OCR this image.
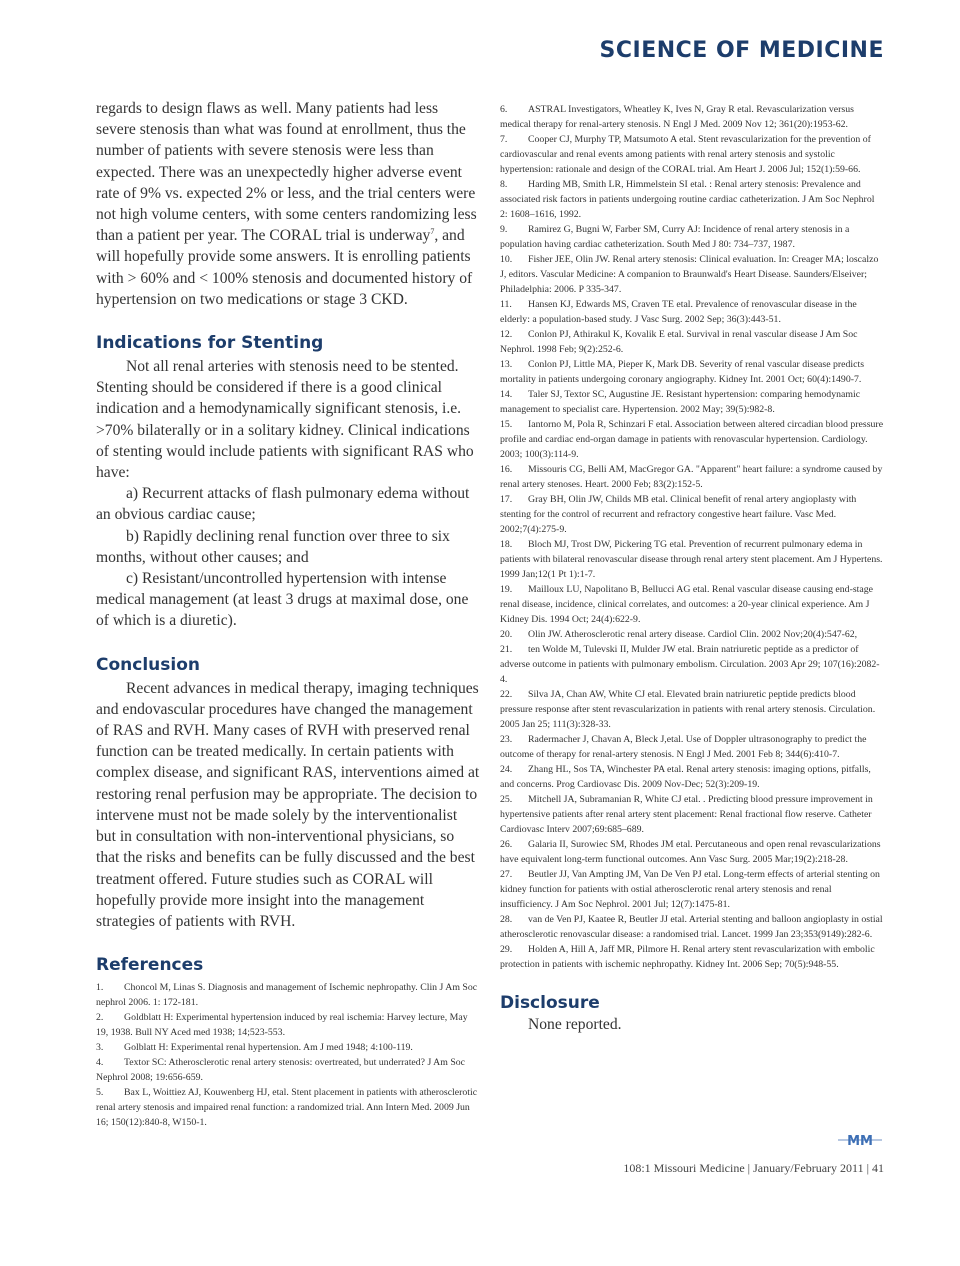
SCIENCE OF MEDICINE

regards to design flaws as well. Many patients had less severe stenosis than what was found at enrollment, thus the number of patients with severe stenosis were less than expected. There was an unexpectedly higher adverse event rate of 9% vs. expected 2% or less, and the trial centers were not high volume centers, with some centers randomizing less than a patient per year. The CORAL trial is underway$^7$, and will hopefully provide some answers. It is enrolling patients with > 60% and < 100% stenosis and documented history of hypertension on two medications or stage 3 CKD.

Indications for Stenting

Not all renal arteries with stenosis need to be stented. Stenting should be considered if there is a good clinical indication and a hemodynamically significant stenosis, i.e. >70% bilaterally or in a solitary kidney. Clinical indications of stenting would include patients with significant RAS who have:

a) Recurrent attacks of flash pulmonary edema without an obvious cardiac cause;

b) Rapidly declining renal function over three to six months, without other causes; and

c) Resistant/uncontrolled hypertension with intense medical management (at least 3 drugs at maximal dose, one of which is a diuretic).

Conclusion

Recent advances in medical therapy, imaging techniques and endovascular procedures have changed the management of RAS and RVH. Many cases of RVH with preserved renal function can be treated medically. In certain patients with complex disease, and significant RAS, interventions aimed at restoring renal perfusion may be appropriate. The decision to intervene must not be made solely by the interventionalist but in consultation with non-interventional physicians, so that the risks and benefits can be fully discussed and the best treatment offered. Future studies such as CORAL will hopefully provide more insight into the management strategies of patients with RVH.

References
1. Choncol M, Linas S. Diagnosis and management of Ischemic nephropathy. Clin J Am Soc nephrol 2006. 1: 172-181.
2. Goldblatt H: Experimental hypertension induced by real ischemia: Harvey lecture, May 19, 1938. Bull NY Aced med 1938; 14;523-553.
3. Golblatt H: Experimental renal hypertension. Am J med 1948; 4:100-119.
4. Textor SC: Atherosclerotic renal artery stenosis: overtreated, but underrated? J Am Soc Nephrol 2008; 19:656-659.
5. Bax L, Woittiez AJ, Kouwenberg HJ, etal. Stent placement in patients with atherosclerotic renal artery stenosis and impaired renal function: a randomized trial. Ann Intern Med. 2009 Jun 16; 150(12):840-8, W150-1.
6. ASTRAL Investigators, Wheatley K, Ives N, Gray R etal. Revascularization versus medical therapy for renal-artery stenosis. N Engl J Med. 2009 Nov 12; 361(20):1953-62.
7. Cooper CJ, Murphy TP, Matsumoto A etal. Stent revascularization for the prevention of cardiovascular and renal events among patients with renal artery stenosis and systolic hypertension: rationale and design of the CORAL trial. Am Heart J. 2006 Jul; 152(1):59-66.
8. Harding MB, Smith LR, Himmelstein SI etal. : Renal artery stenosis: Prevalence and associated risk factors in patients undergoing routine cardiac catheterization. J Am Soc Nephrol 2: 1608–1616, 1992.
9. Ramirez G, Bugni W, Farber SM, Curry AJ: Incidence of renal artery stenosis in a population having cardiac catheterization. South Med J 80: 734–737, 1987.
10. Fisher JEE, Olin JW. Renal artery stenosis: Clinical evaluation. In: Creager MA; loscalzo J, editors. Vascular Medicine: A companion to Braunwald's Heart Disease. Saunders/Elseiver; Philadelphia: 2006. P 335-347.
11. Hansen KJ, Edwards MS, Craven TE etal. Prevalence of renovascular disease in the elderly: a population-based study. J Vasc Surg. 2002 Sep; 36(3):443-51.
12. Conlon PJ, Athirakul K, Kovalik E etal. Survival in renal vascular disease J Am Soc Nephrol. 1998 Feb; 9(2):252-6.
13. Conlon PJ, Little MA, Pieper K, Mark DB. Severity of renal vascular disease predicts mortality in patients undergoing coronary angiography. Kidney Int. 2001 Oct; 60(4):1490-7.
14. Taler SJ, Textor SC, Augustine JE. Resistant hypertension: comparing hemodynamic management to specialist care. Hypertension. 2002 May; 39(5):982-8.
15. Iantorno M, Pola R, Schinzari F etal. Association between altered circadian blood pressure profile and cardiac end-organ damage in patients with renovascular hypertension. Cardiology. 2003; 100(3):114-9.
16. Missouris CG, Belli AM, MacGregor GA. "Apparent" heart failure: a syndrome caused by renal artery stenoses. Heart. 2000 Feb; 83(2):152-5.
17. Gray BH, Olin JW, Childs MB etal. Clinical benefit of renal artery angioplasty with stenting for the control of recurrent and refractory congestive heart failure. Vasc Med. 2002;7(4):275-9.
18. Bloch MJ, Trost DW, Pickering TG etal. Prevention of recurrent pulmonary edema in patients with bilateral renovascular disease through renal artery stent placement. Am J Hypertens. 1999 Jan;12(1 Pt 1):1-7.
19. Mailloux LU, Napolitano B, Bellucci AG etal. Renal vascular disease causing end-stage renal disease, incidence, clinical correlates, and outcomes: a 20-year clinical experience. Am J Kidney Dis. 1994 Oct; 24(4):622-9.
20. Olin JW. Atherosclerotic renal artery disease. Cardiol Clin. 2002 Nov;20(4):547-62,
21. ten Wolde M, Tulevski II, Mulder JW etal. Brain natriuretic peptide as a predictor of adverse outcome in patients with pulmonary embolism. Circulation. 2003 Apr 29; 107(16):2082-4.
22. Silva JA, Chan AW, White CJ etal. Elevated brain natriuretic peptide predicts blood pressure response after stent revascularization in patients with renal artery stenosis. Circulation. 2005 Jan 25; 111(3):328-33.
23. Radermacher J, Chavan A, Bleck J,etal. Use of Doppler ultrasonography to predict the outcome of therapy for renal-artery stenosis. N Engl J Med. 2001 Feb 8; 344(6):410-7.
24. Zhang HL, Sos TA, Winchester PA etal. Renal artery stenosis: imaging options, pitfalls, and concerns. Prog Cardiovasc Dis. 2009 Nov-Dec; 52(3):209-19.
25. Mitchell JA, Subramanian R, White CJ etal. . Predicting blood pressure improvement in hypertensive patients after renal artery stent placement: Renal fractional flow reserve. Catheter Cardiovasc Interv 2007;69:685–689.
26. Galaria II, Surowiec SM, Rhodes JM etal. Percutaneous and open renal revascularizations have equivalent long-term functional outcomes. Ann Vasc Surg. 2005 Mar;19(2):218-28.
27. Beutler JJ, Van Ampting JM, Van De Ven PJ etal. Long-term effects of arterial stenting on kidney function for patients with ostial atherosclerotic renal artery stenosis and renal insufficiency. J Am Soc Nephrol. 2001 Jul; 12(7):1475-81.
28. van de Ven PJ, Kaatee R, Beutler JJ etal. Arterial stenting and balloon angioplasty in ostial atherosclerotic renovascular disease: a randomised trial. Lancet. 1999 Jan 23;353(9149):282-6.
29. Holden A, Hill A, Jaff MR, Pilmore H. Renal artery stent revascularization with embolic protection in patients with ischemic nephropathy. Kidney Int. 2006 Sep; 70(5):948-55.
Disclosure

None reported.

MM
108:1 Missouri Medicine | January/February 2011 | 41
